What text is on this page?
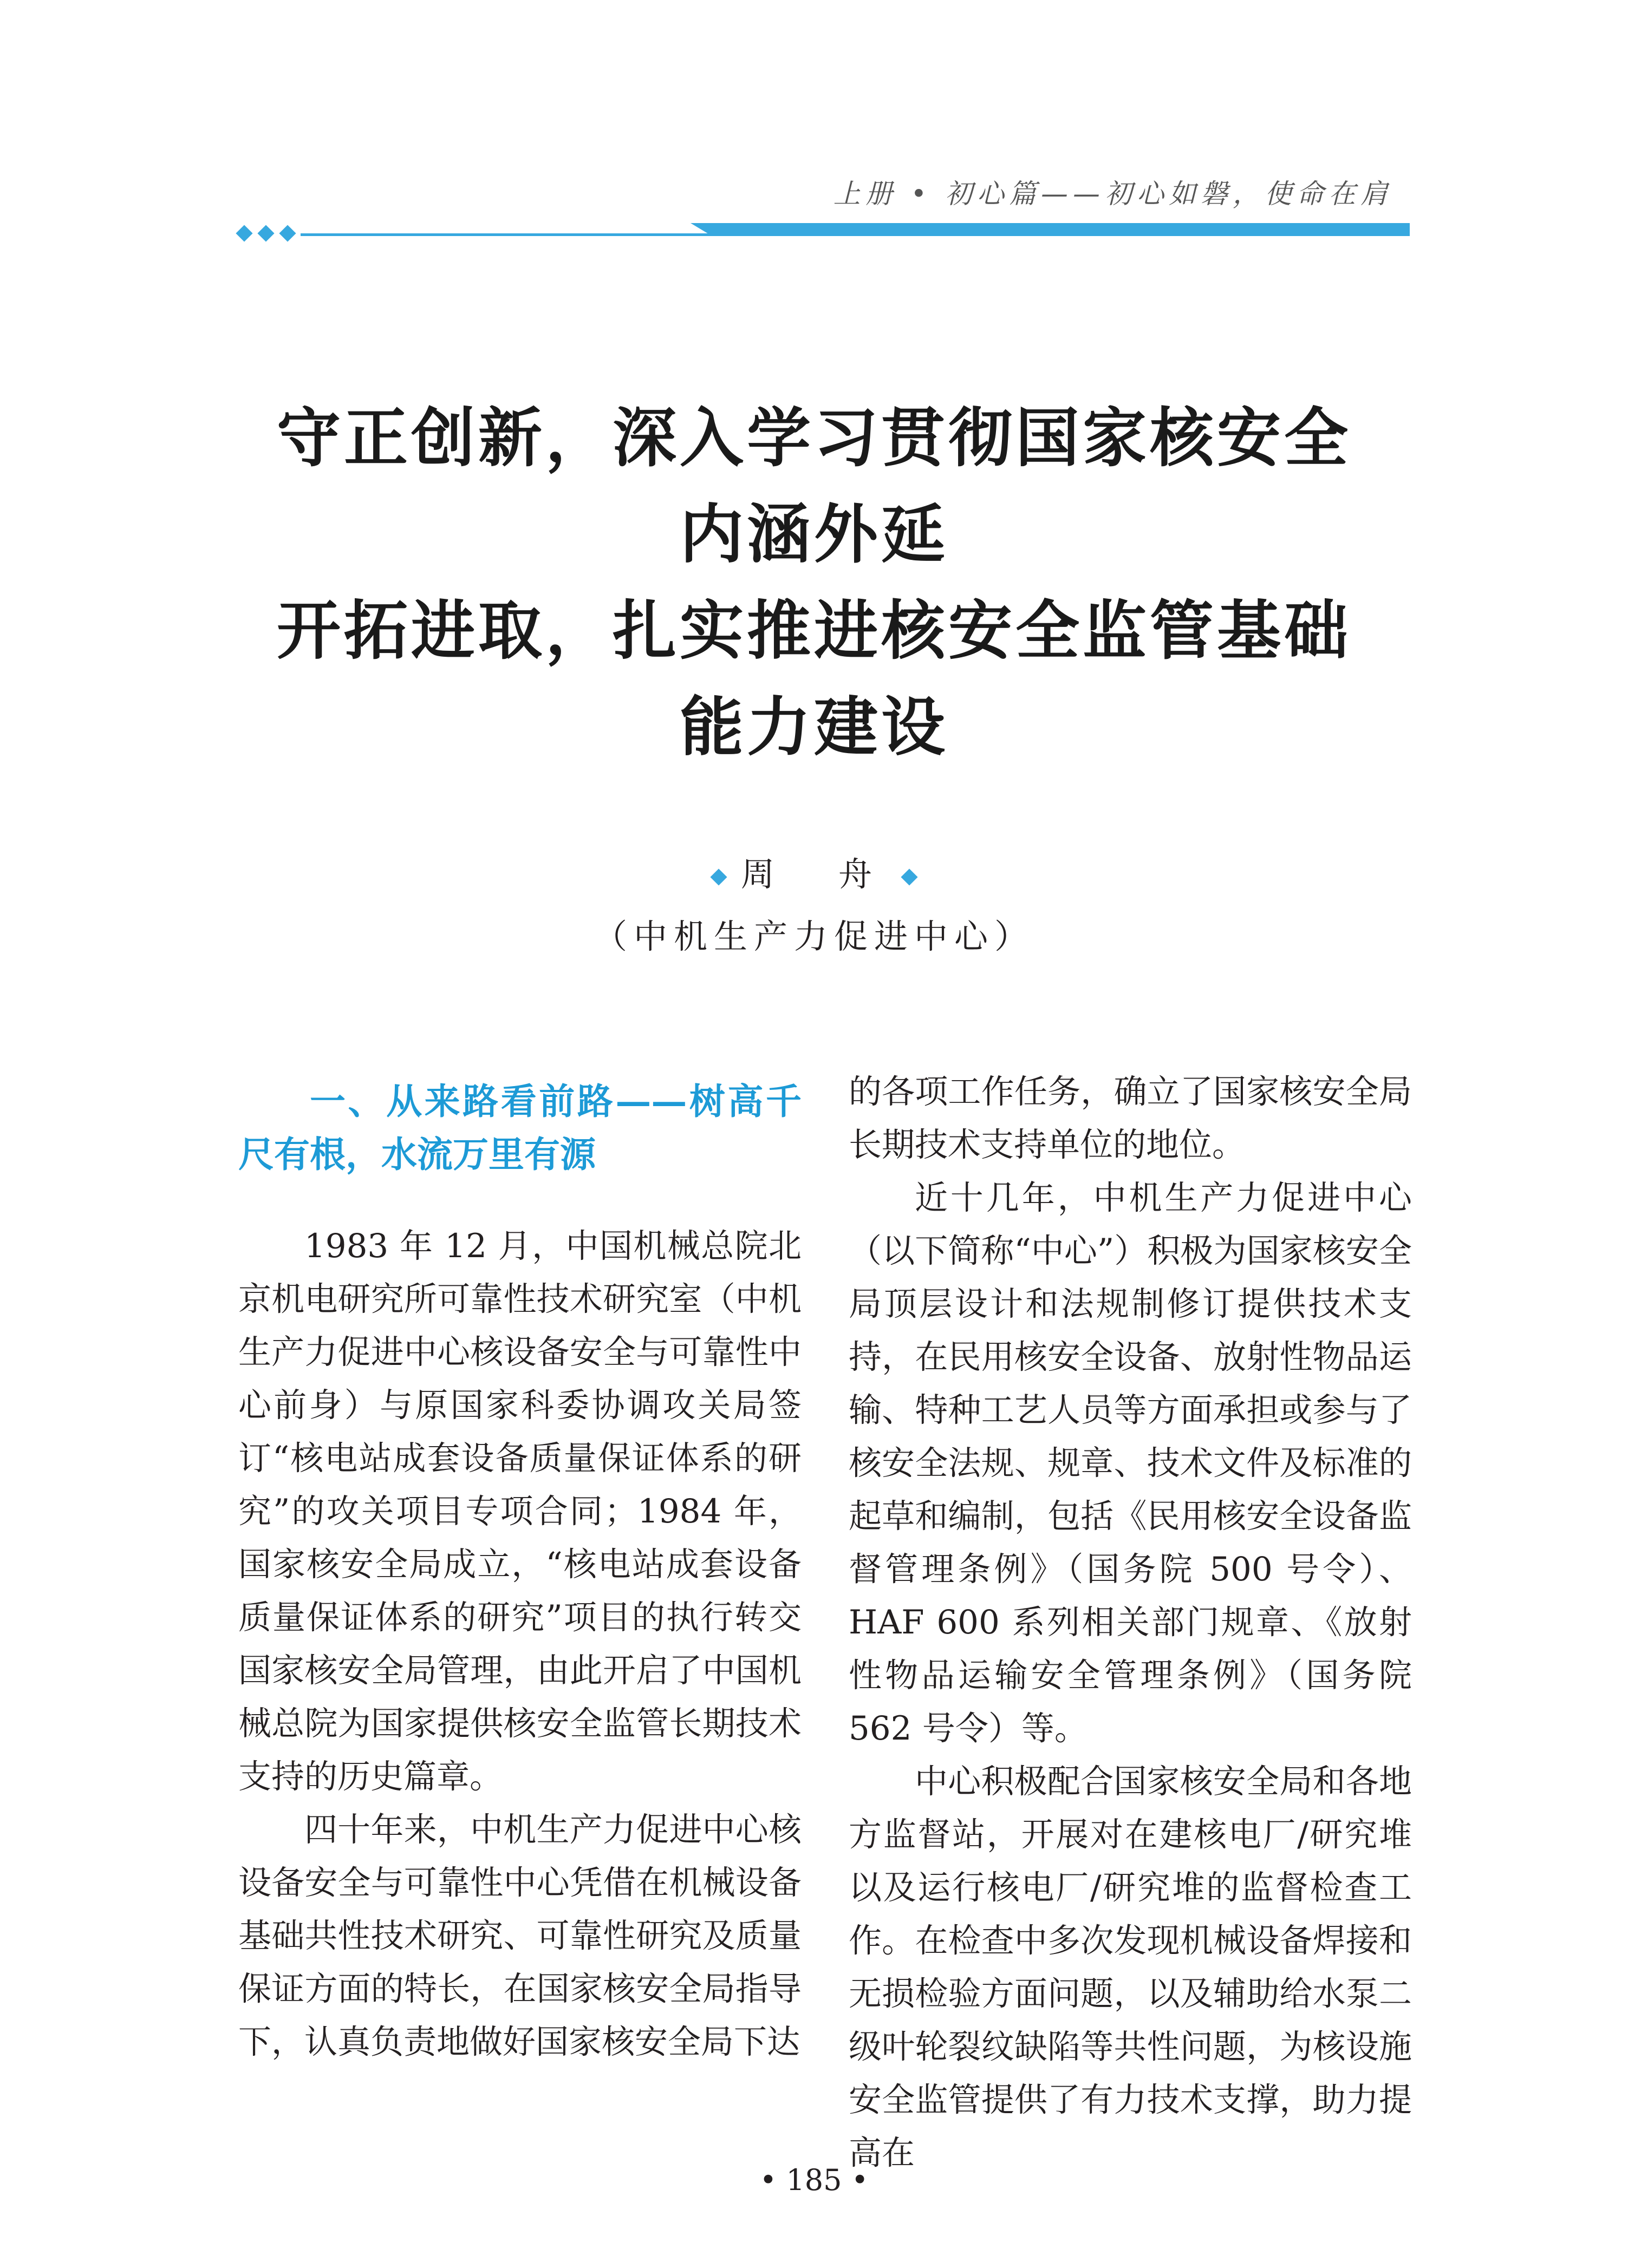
上册 • 初心篇——初心如磐，使命在肩
守正创新，深入学习贯彻国家核安全
内涵外延
开拓进取，扎实推进核安全监管基础
能力建设
周　舟
（中机生产力促进中心）
一、从来路看前路——树高千尺有根，水流万里有源

1983 年 12 月，中国机械总院北京机电研究所可靠性技术研究室（中机生产力促进中心核设备安全与可靠性中心前身）与原国家科委协调攻关局签订“核电站成套设备质量保证体系的研究”的攻关项目专项合同；1984 年，国家核安全局成立，“核电站成套设备质量保证体系的研究”项目的执行转交国家核安全局管理，由此开启了中国机械总院为国家提供核安全监管长期技术支持的历史篇章。

四十年来，中机生产力促进中心核设备安全与可靠性中心凭借在机械设备基础共性技术研究、可靠性研究及质量保证方面的特长，在国家核安全局指导下，认真负责地做好国家核安全局下达

的各项工作任务，确立了国家核安全局长期技术支持单位的地位。

近十几年，中机生产力促进中心（以下简称“中心”）积极为国家核安全局顶层设计和法规制修订提供技术支持，在民用核安全设备、放射性物品运输、特种工艺人员等方面承担或参与了核安全法规、规章、技术文件及标准的起草和编制，包括《民用核安全设备监督管理条例》（国务院 500 号令）、HAF 600 系列相关部门规章、《放射性物品运输安全管理条例》（国务院 562 号令）等。

中心积极配合国家核安全局和各地方监督站，开展对在建核电厂/研究堆以及运行核电厂/研究堆的监督检查工作。在检查中多次发现机械设备焊接和无损检验方面问题，以及辅助给水泵二级叶轮裂纹缺陷等共性问题，为核设施安全监管提供了有力技术支撑，助力提高在

• 185 •
